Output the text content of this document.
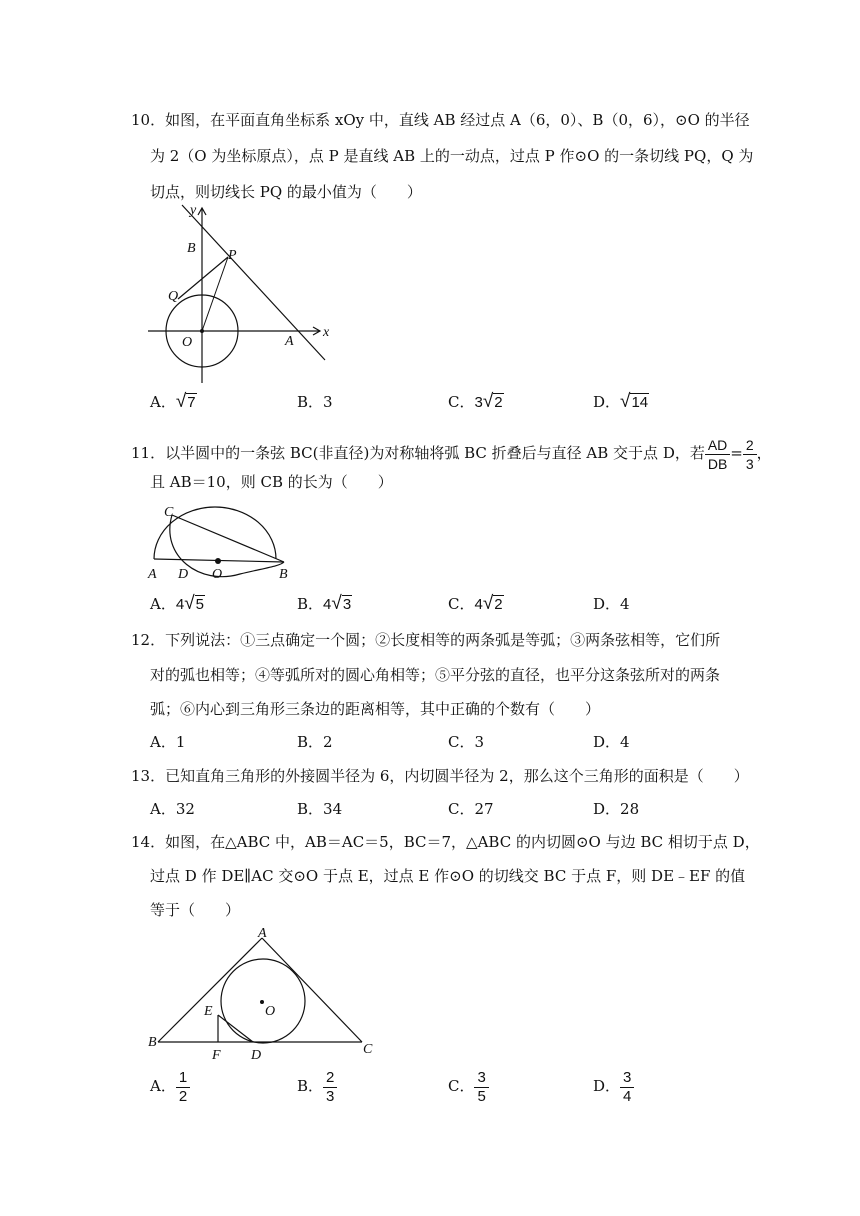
10．如图，在平面直角坐标系 xOy 中，直线 AB 经过点 A（6，0）、B（0，6），⊙O 的半径
为 2（O 为坐标原点），点 P 是直线 AB 上的一动点，过点 P 作⊙O 的一条切线 PQ，Q 为
切点，则切线长 PQ 的最小值为（　　）
y
x
B P
Q
O	A
A．√7	B．3	C．3√2	D．√14
11．以半圆中的一条弦 BC(非直径)为对称轴将弧 BC 折叠后与直径 AB 交于点 D，若 $\frac{AD}{DB} = \frac{2}{3}$ ，
且 AB＝10，则 CB 的长为（　　）
C
A D O	B
A．4√5	B．4√3	C．4√2	D．4
12．下列说法：①三点确定一个圆；②长度相等的两条弧是等弧；③两条弦相等，它们所
对的弧也相等；④等弧所对的圆心角相等；⑤平分弦的直径，也平分这条弦所对的两条
弧；⑥内心到三角形三条边的距离相等，其中正确的个数有（　　）
A．1	B．2	C．3	D．4
13．已知直角三角形的外接圆半径为 6，内切圆半径为 2，那么这个三角形的面积是（　　）
A．32	B．34	C．27	D．28
14．如图，在△ABC 中，AB＝AC＝5，BC＝7，△ABC 的内切圆⊙O 与边 BC 相切于点 D，
过点 D 作 DE∥AC 交⊙O 于点 E，过点 E 作⊙O 的切线交 BC 于点 F，则 DE﹣EF 的值
等于（　　）
A
O
E
B
F D	C
A． $\frac{1}{2}$	B． $\frac{2}{3}$	C． $\frac{3}{5}$	D． $\frac{3}{4}$
